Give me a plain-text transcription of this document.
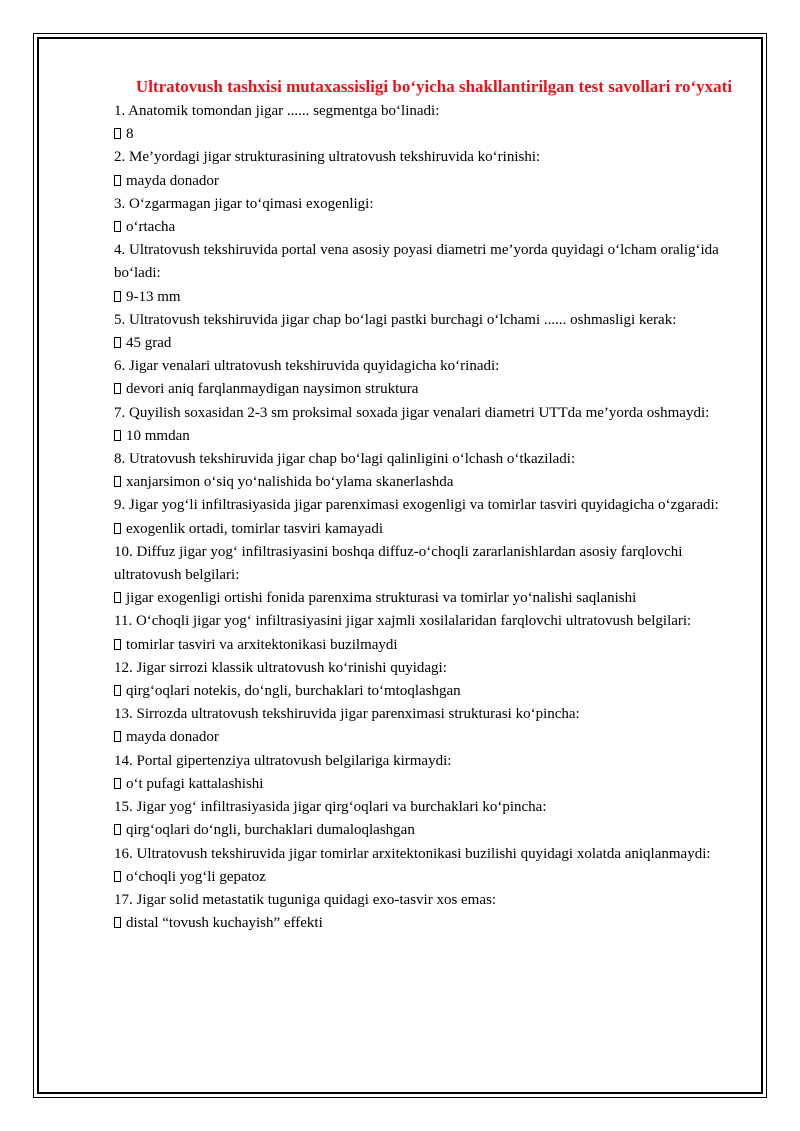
Ultratovush tashxisi mutaxassisligi bo‘yicha shakllantirilgan test savollari ro‘yxati

1. Anatomik tomondan jigar ...... segmentga bo‘linadi:

8

2. Me’yordagi jigar strukturasining ultratovush tekshiruvida ko‘rinishi:

mayda donador

3. O‘zgarmagan jigar to‘qimasi exogenligi:

o‘rtacha

4. Ultratovush tekshiruvida portal vena asosiy poyasi diametri me’yorda quyidagi o‘lcham oralig‘ida bo‘ladi:

9-13 mm

5. Ultratovush tekshiruvida jigar chap bo‘lagi pastki burchagi o‘lchami ...... oshmasligi kerak:

45 grad

6. Jigar venalari ultratovush tekshiruvida quyidagicha ko‘rinadi:

devori aniq farqlanmaydigan naysimon struktura

7. Quyilish soxasidan 2-3 sm proksimal soxada jigar venalari diametri UTTda me’yorda oshmaydi:

10 mmdan

8. Utratovush tekshiruvida jigar chap bo‘lagi qalinligini o‘lchash o‘tkaziladi:

xanjarsimon o‘siq yo‘nalishida bo‘ylama skanerlashda

9. Jigar yog‘li infiltrasiyasida jigar parenximasi exogenligi va tomirlar tasviri quyidagicha o‘zgaradi:

exogenlik ortadi, tomirlar tasviri kamayadi

10. Diffuz jigar yog‘ infiltrasiyasini boshqa diffuz-o‘choqli zararlanishlardan asosiy farqlovchi ultratovush belgilari:

jigar exogenligi ortishi fonida parenxima strukturasi va tomirlar yo‘nalishi saqlanishi

11. O‘choqli jigar yog‘ infiltrasiyasini jigar xajmli xosilalaridan farqlovchi ultratovush belgilari:

tomirlar tasviri va arxitektonikasi buzilmaydi

12. Jigar sirrozi klassik ultratovush ko‘rinishi quyidagi:

qirg‘oqlari notekis, do‘ngli, burchaklari to‘mtoqlashgan

13. Sirrozda ultratovush tekshiruvida jigar parenximasi strukturasi ko‘pincha:

mayda donador

14. Portal gipertenziya ultratovush belgilariga kirmaydi:

o‘t pufagi kattalashishi

15. Jigar yog‘ infiltrasiyasida jigar qirg‘oqlari va burchaklari ko‘pincha:

qirg‘oqlari do‘ngli, burchaklari dumaloqlashgan

16. Ultratovush tekshiruvida jigar tomirlar arxitektonikasi buzilishi quyidagi xolatda aniqlanmaydi:

o‘choqli yog‘li gepatoz

17. Jigar solid metastatik tuguniga quidagi exo-tasvir xos emas:

distal “tovush kuchayish” effekti
